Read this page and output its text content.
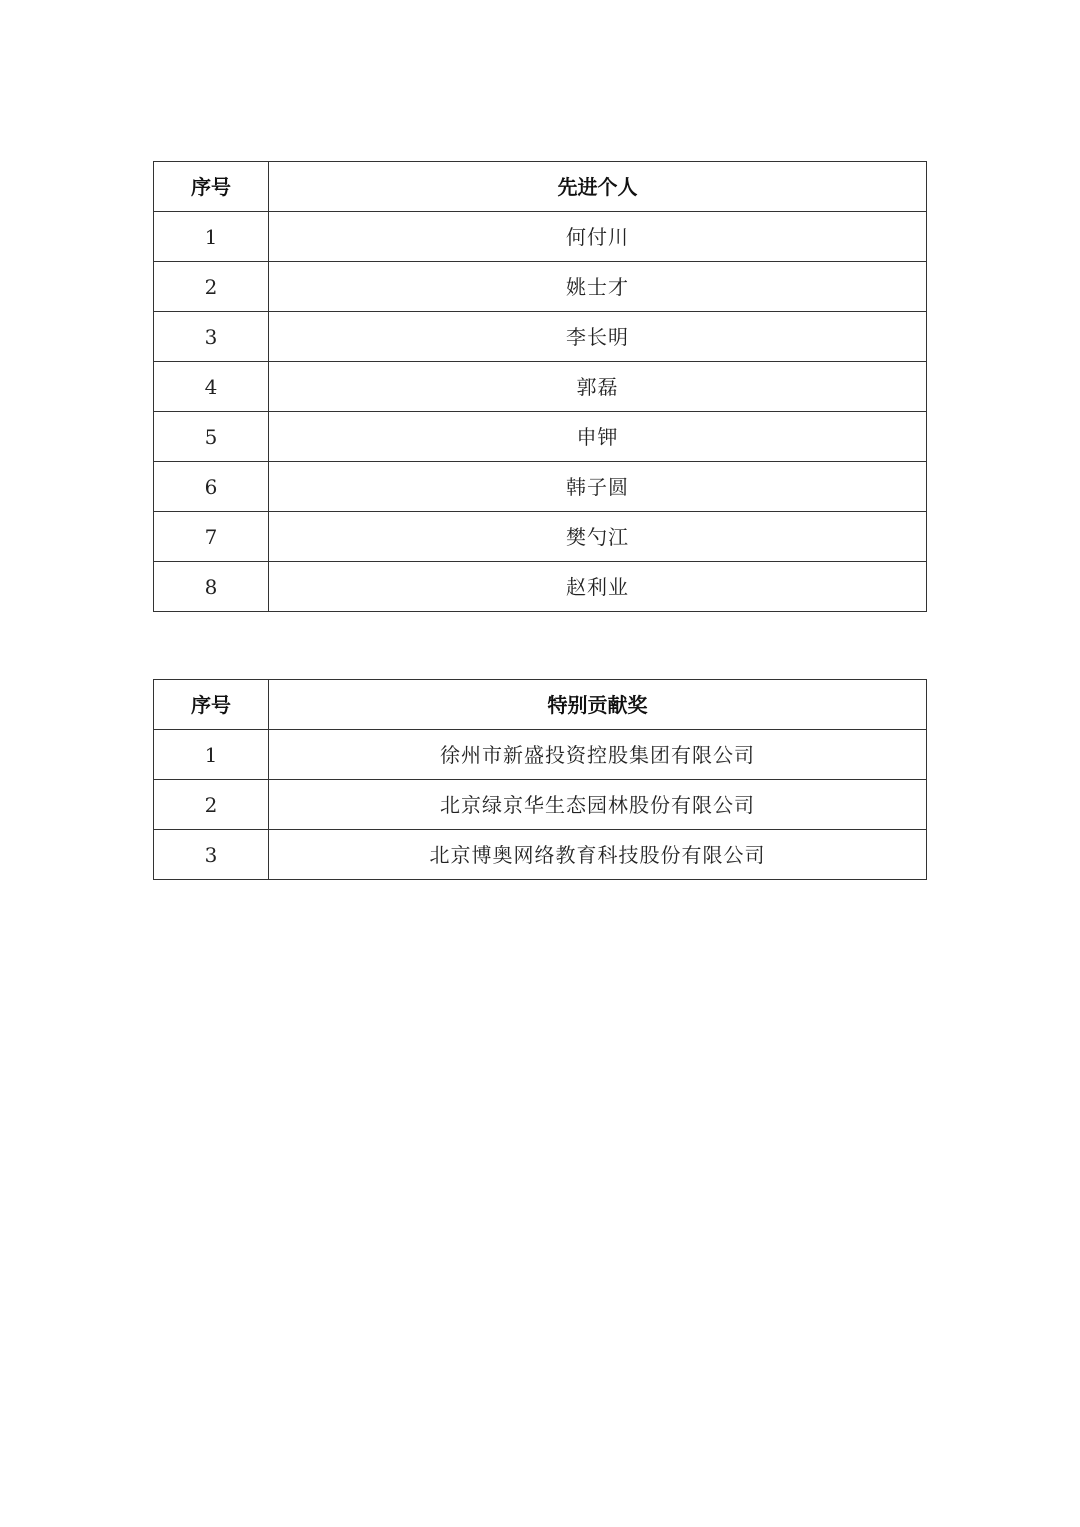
序号	先进个人
1	何付川
2	姚士才
3	李长明
4	郭磊
5	申钾
6	韩子圆
7	樊勺江
8	赵利业
序号	特别贡献奖
1	徐州市新盛投资控股集团有限公司
2	北京绿京华生态园林股份有限公司
3	北京博奥网络教育科技股份有限公司
